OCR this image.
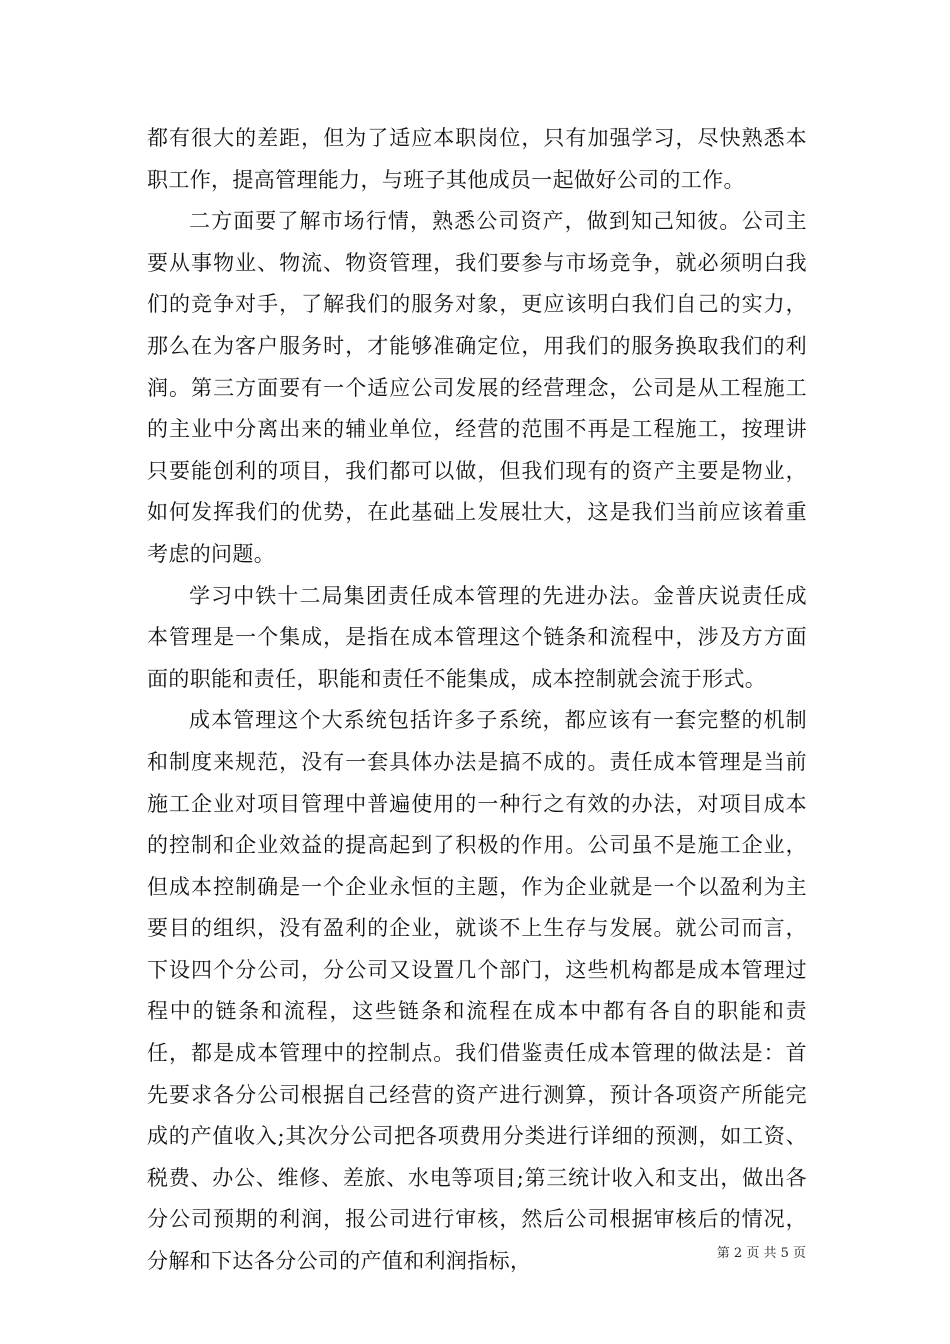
都有很大的差距，但为了适应本职岗位，只有加强学习，尽快熟悉本职工作，提高管理能力，与班子其他成员一起做好公司的工作。

二方面要了解市场行情，熟悉公司资产，做到知己知彼。公司主要从事物业、物流、物资管理，我们要参与市场竞争，就必须明白我们的竞争对手，了解我们的服务对象，更应该明白我们自己的实力，那么在为客户服务时，才能够准确定位，用我们的服务换取我们的利润。第三方面要有一个适应公司发展的经营理念，公司是从工程施工的主业中分离出来的辅业单位，经营的范围不再是工程施工，按理讲只要能创利的项目，我们都可以做，但我们现有的资产主要是物业，如何发挥我们的优势，在此基础上发展壮大，这是我们当前应该着重考虑的问题。

学习中铁十二局集团责任成本管理的先进办法。金普庆说责任成本管理是一个集成，是指在成本管理这个链条和流程中，涉及方方面面的职能和责任，职能和责任不能集成，成本控制就会流于形式。

成本管理这个大系统包括许多子系统，都应该有一套完整的机制和制度来规范，没有一套具体办法是搞不成的。责任成本管理是当前施工企业对项目管理中普遍使用的一种行之有效的办法，对项目成本的控制和企业效益的提高起到了积极的作用。公司虽不是施工企业，但成本控制确是一个企业永恒的主题，作为企业就是一个以盈利为主要目的组织，没有盈利的企业，就谈不上生存与发展。就公司而言，下设四个分公司，分公司又设置几个部门，这些机构都是成本管理过程中的链条和流程，这些链条和流程在成本中都有各自的职能和责任，都是成本管理中的控制点。我们借鉴责任成本管理的做法是：首先要求各分公司根据自己经营的资产进行测算，预计各项资产所能完成的产值收入;其次分公司把各项费用分类进行详细的预测，如工资、税费、办公、维修、差旅、水电等项目;第三统计收入和支出，做出各分公司预期的利润，报公司进行审核，然后公司根据审核后的情况，分解和下达各分公司的产值和利润指标，	第 2 页 共 5 页
